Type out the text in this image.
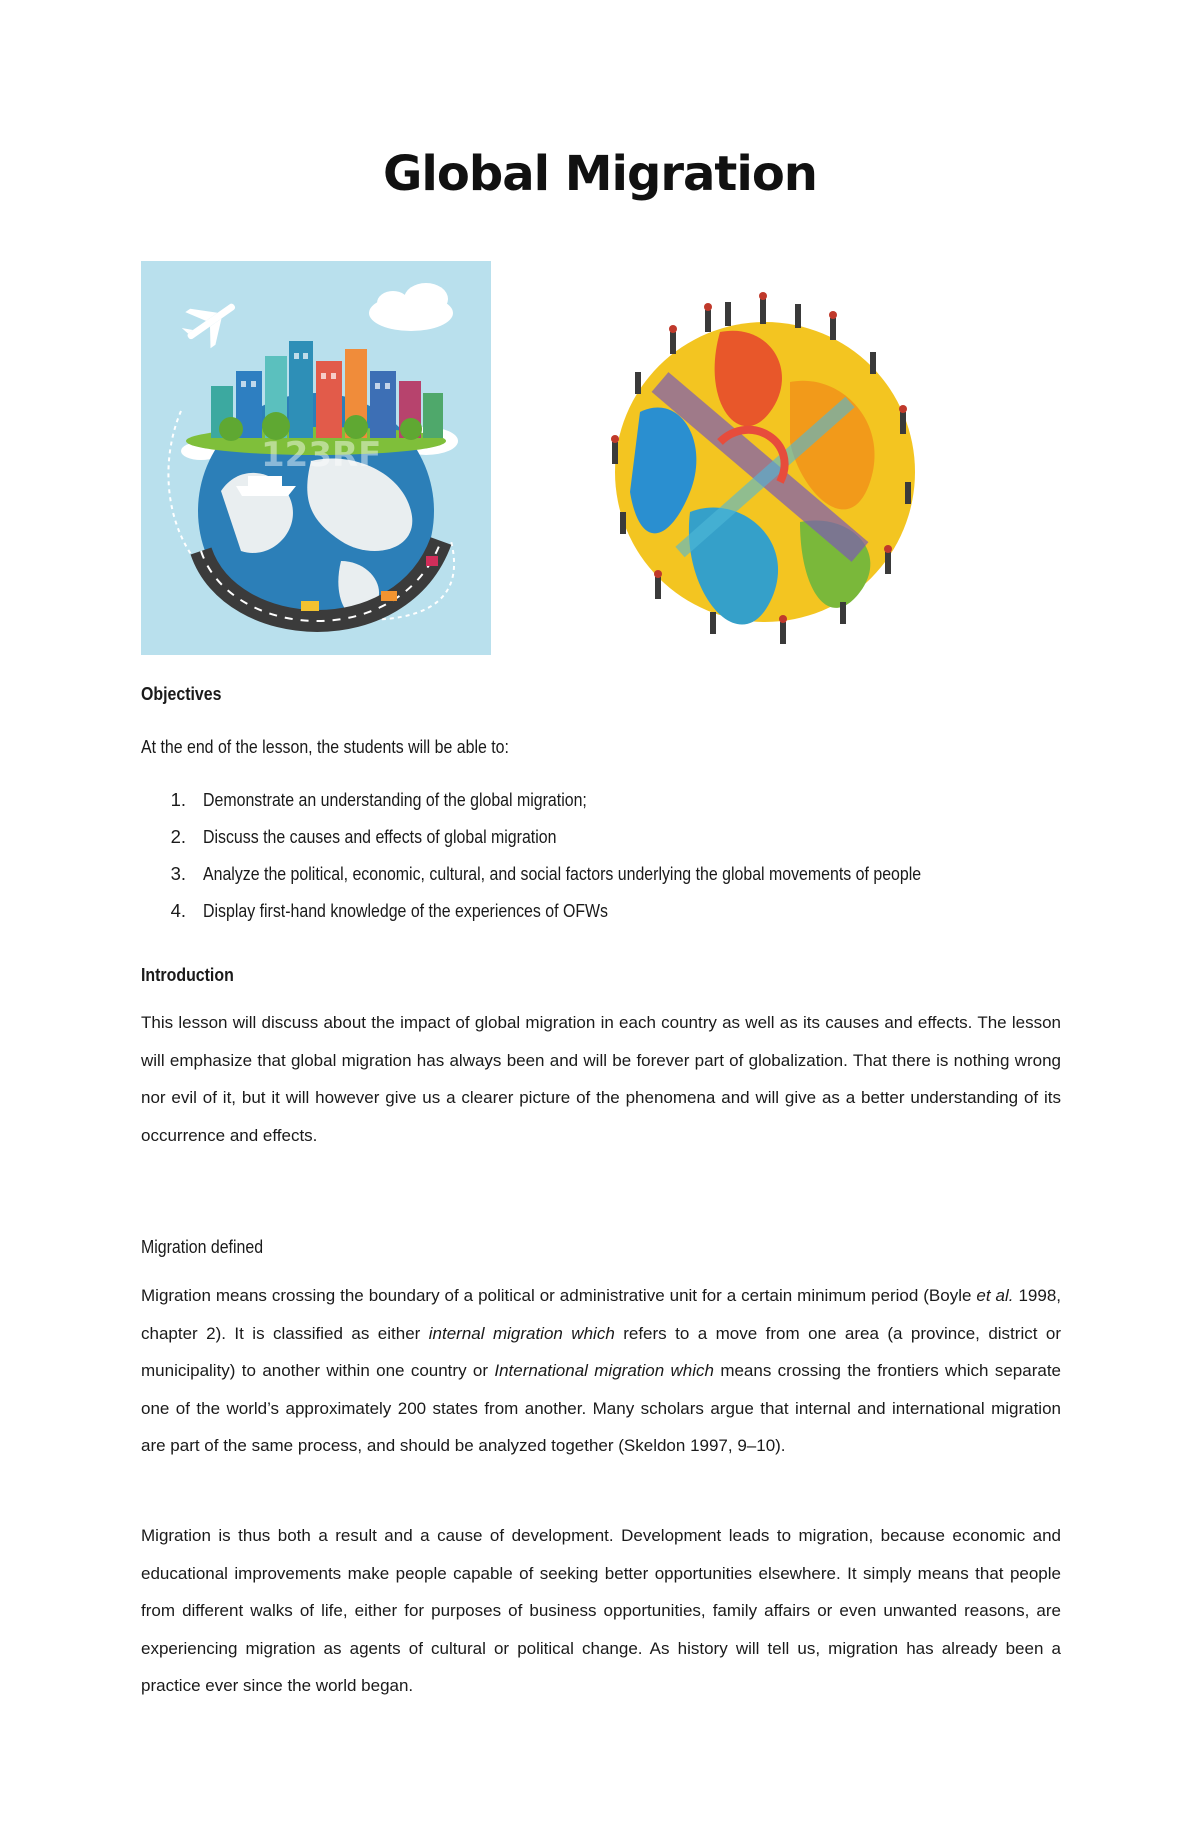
Global Migration
123RF
Objectives
At the end of the lesson, the students will be able to:
1. Demonstrate an understanding of the global migration;
2. Discuss the causes and effects of global migration
3. Analyze the political, economic, cultural, and social factors underlying the global movements of people
4. Display first-hand knowledge of the experiences of OFWs
Introduction
This lesson will discuss about the impact of global migration in each country as well as its causes and effects. The lesson will emphasize that global migration has always been and will be forever part of globalization. That there is nothing wrong nor evil of it, but it will however give us a clearer picture of the phenomena and will give as a better understanding of its occurrence and effects.
Migration defined
Migration means crossing the boundary of a political or administrative unit for a certain minimum period (Boyle et al. 1998, chapter 2). It is classified as either internal migration which refers to a move from one area (a province, district or municipality) to another within one country or International migration which means crossing the frontiers which separate one of the world’s approximately 200 states from another. Many scholars argue that internal and international migration are part of the same process, and should be analyzed together (Skeldon 1997, 9–10).
Migration is thus both a result and a cause of development. Development leads to migration, because economic and educational improvements make people capable of seeking better opportunities elsewhere. It simply means that people from different walks of life, either for purposes of business opportunities, family affairs or even unwanted reasons, are experiencing migration as agents of cultural or political change. As history will tell us, migration has already been a practice ever since the world began.
